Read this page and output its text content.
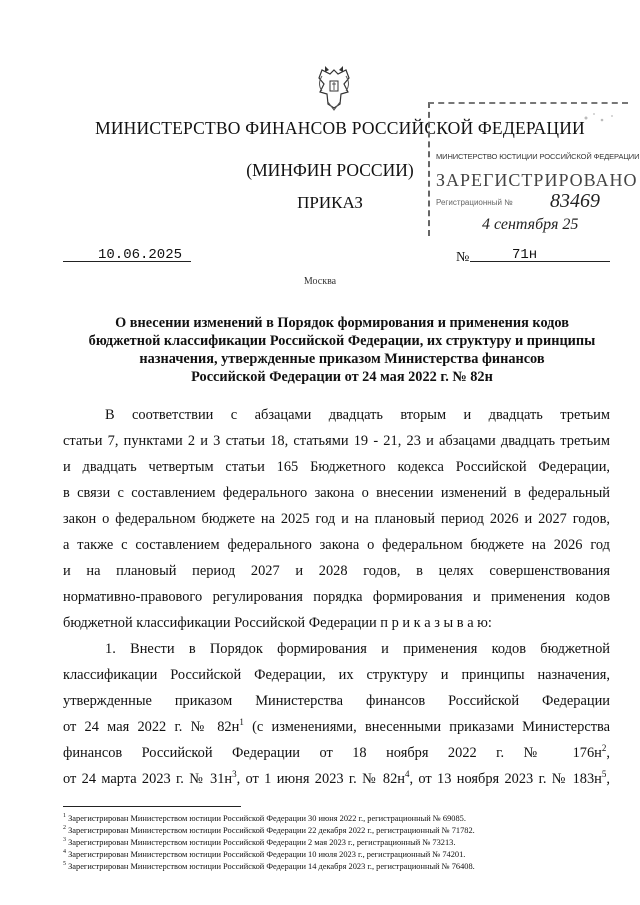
МИНИСТЕРСТВО ФИНАНСОВ РОССИЙСКОЙ ФЕДЕРАЦИИ
(МИНФИН РОССИИ)
ПРИКАЗ
МИНИСТЕРСТВО ЮСТИЦИИ РОССИЙСКОЙ ФЕДЕРАЦИИ
ЗАРЕГИСТРИРОВАНО
Регистрационный № 83469
4 сентября 25
10.06.2025	№	71н
Москва
О внесении изменений в Порядок формирования и применения кодов
бюджетной классификации Российской Федерации, их структуру и принципы
назначения, утвержденные приказом Министерства финансов
Российской Федерации от 24 мая 2022 г. № 82н
В соответствии с абзацами двадцать вторым и двадцать третьим
статьи 7, пунктами 2 и 3 статьи 18, статьями 19 - 21, 23 и абзацами двадцать третьим
и двадцать четвертым статьи 165 Бюджетного кодекса Российской Федерации,
в связи с составлением федерального закона о внесении изменений в федеральный
закон о федеральном бюджете на 2025 год и на плановый период 2026 и 2027 годов,
а также с составлением федерального закона о федеральном бюджете на 2026 год
и на плановый период 2027 и 2028 годов, в целях совершенствования
нормативно-правового регулирования порядка формирования и применения кодов
бюджетной классификации Российской Федерации п р и к а з ы в а ю:
1. Внести в Порядок формирования и применения кодов бюджетной
классификации Российской Федерации, их структуру и принципы назначения,
утвержденные приказом Министерства финансов Российской Федерации
от 24 мая 2022 г. № $82н^1$ (с изменениями, внесенными приказами Министерства
финансов Российской Федерации от 18 ноября 2022 г. № $176н^2$,
от 24 марта 2023 г. № $31н^3$, от 1 июня 2023 г. № $82н^4$, от 13 ноября 2023 г. № $183н^5$,
$^1$ Зарегистрирован Министерством юстиции Российской Федерации 30 июня 2022 г., регистрационный № 69085.
$^2$ Зарегистрирован Министерством юстиции Российской Федерации 22 декабря 2022 г., регистрационный № 71782.
$^3$ Зарегистрирован Министерством юстиции Российской Федерации 2 мая 2023 г., регистрационный № 73213.
$^4$ Зарегистрирован Министерством юстиции Российской Федерации 10 июля 2023 г., регистрационный № 74201.
$^5$ Зарегистрирован Министерством юстиции Российской Федерации 14 декабря 2023 г., регистрационный № 76408.
